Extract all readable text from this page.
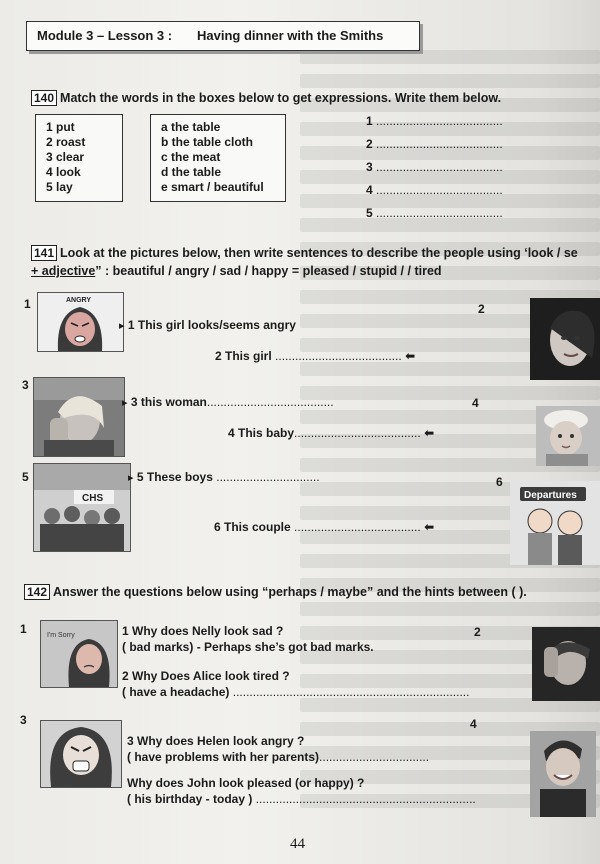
Module 3 – Lesson 3 : Having dinner with the Smiths
140 Match the words in the boxes below to get expressions. Write them below.
1 put
2 roast
3 clear
4 look
5 lay
a the table
b the table cloth
c the meat
d the table
e smart / beautiful
1 ......................................
2 ......................................
3 ......................................
4 ......................................
5 ......................................
141 Look at the pictures below, then write sentences to describe the people using ‘look / se
+ adjective” : beautiful / angry / sad / happy = pleased / stupid / / tired
1	ANGRY
▸ 1 This girl looks/seems angry
2
2 This girl ...................................... ⬅
3
▸ 3 this woman......................................	4
4 This baby...................................... ⬅
5
CHS
▸ 5 These boys ...............................	6
Departures
6 This couple ...................................... ⬅
142 Answer the questions below using “perhaps / maybe” and the hints between ( ).
1	I'm Sorry	1 Why does Nelly look sad ?
( bad marks) - Perhaps she’s got bad marks.
2
2 Why Does Alice look tired ?
( have a headache) .......................................................................
3
3 Why does Helen look angry ?
( have problems with her parents).................................
4
Why does John look pleased (or happy) ?
( his birthday - today ) ..................................................................
44
